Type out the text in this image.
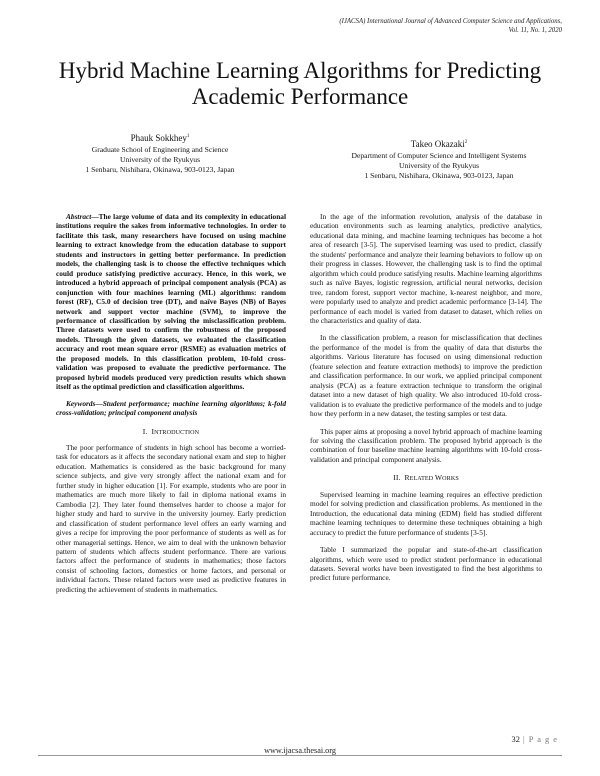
(IJACSA) International Journal of Advanced Computer Science and Applications,
Vol. 11, No. 1, 2020
Hybrid Machine Learning Algorithms for Predicting
Academic Performance
Phauk Sokkhey$^1$
Graduate School of Engineering and Science
University of the Ryukyus
1 Senbaru, Nishihara, Okinawa, 903-0123, Japan
Takeo Okazaki$^2$
Department of Computer Science and Intelligent Systems
University of the Ryukyus
1 Senbaru, Nishihara, Okinawa, 903-0123, Japan

Abstract—The large volume of data and its complexity in educational institutions require the sakes from informative technologies. In order to facilitate this task, many researchers have focused on using machine learning to extract knowledge from the education database to support students and instructors in getting better performance. In prediction models, the challenging task is to choose the effective techniques which could produce satisfying predictive accuracy. Hence, in this work, we introduced a hybrid approach of principal component analysis (PCA) as conjunction with four machines learning (ML) algorithms: random forest (RF), C5.0 of decision tree (DT), and naïve Bayes (NB) of Bayes network and support vector machine (SVM), to improve the performance of classification by solving the misclassification problem. Three datasets were used to confirm the robustness of the proposed models. Through the given datasets, we evaluated the classification accuracy and root mean square error (RSME) as evaluation metrics of the proposed models. In this classification problem, 10-fold cross-validation was proposed to evaluate the predictive performance. The proposed hybrid models produced very prediction results which shown itself as the optimal prediction and classification algorithms.

Keywords—Student performance; machine learning algorithms; k-fold cross-validation; principal component analysis

I. INTRODUCTION

The poor performance of students in high school has become a worried-task for educators as it affects the secondary national exam and step to higher education. Mathematics is considered as the basic background for many science subjects, and give very strongly affect the national exam and for further study in higher education [1]. For example, students who are poor in mathematics are much more likely to fail in diploma national exams in Cambodia [2]. They later found themselves harder to choose a major for higher study and hard to survive in the university journey. Early prediction and classification of student performance level offers an early warning and gives a recipe for improving the poor performance of students as well as for other managerial settings. Hence, we aim to deal with the unknown behavior pattern of students which affects student performance. There are various factors affect the performance of students in mathematics; those factors consist of schooling factors, domestics or home factors, and personal or individual factors. These related factors were used as predictive features in predicting the achievement of students in mathematics.

In the age of the information revolution, analysis of the database in education environments such as learning analytics, predictive analytics, educational data mining, and machine learning techniques has become a hot area of research [3-5]. The supervised learning was used to predict, classify the students' performance and analyze their learning behaviors to follow up on their progress in classes. However, the challenging task is to find the optimal algorithm which could produce satisfying results. Machine learning algorithms such as naïve Bayes, logistic regression, artificial neural networks, decision tree, random forest, support vector machine, k-nearest neighbor, and more, were popularly used to analyze and predict academic performance [3-14]. The performance of each model is varied from dataset to dataset, which relies on the characteristics and quality of data.

In the classification problem, a reason for misclassification that declines the performance of the model is from the quality of data that disturbs the algorithms. Various literature has focused on using dimensional reduction (feature selection and feature extraction methods) to improve the prediction and classification performance. In our work, we applied principal component analysis (PCA) as a feature extraction technique to transform the original dataset into a new dataset of high quality. We also introduced 10-fold cross-validation is to evaluate the predictive performance of the models and to judge how they perform in a new dataset, the testing samples or test data.

This paper aims at proposing a novel hybrid approach of machine learning for solving the classification problem. The proposed hybrid approach is the combination of four baseline machine learning algorithms with 10-fold cross-validation and principal component analysis.

II. RELATED WORKS

Supervised learning in machine learning requires an effective prediction model for solving prediction and classification problems. As mentioned in the Introduction, the educational data mining (EDM) field has studied different machine learning techniques to determine these techniques obtaining a high accuracy to predict the future performance of students [3-5].

Table I summarized the popular and state-of-the-art classification algorithms, which were used to predict student performance in educational datasets. Several works have been investigated to find the best algorithms to predict future performance.

32 | P a g e
www.ijacsa.thesai.org
